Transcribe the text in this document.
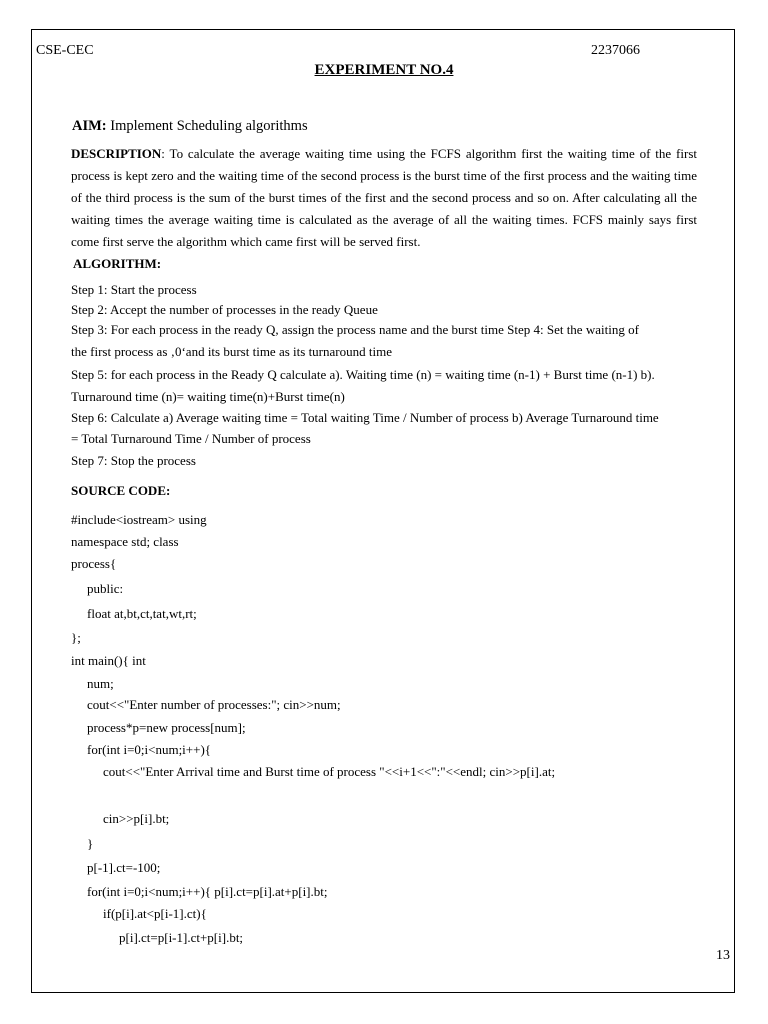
CSE-CEC	2237066
EXPERIMENT NO.4
AIM: Implement Scheduling algorithms
DESCRIPTION: To calculate the average waiting time using the FCFS algorithm first the waiting time of the first process is kept zero and the waiting time of the second process is the burst time of the first process and the waiting time of the third process is the sum of the burst times of the first and the second process and so on. After calculating all the waiting times the average waiting time is calculated as the average of all the waiting times. FCFS mainly says first come first serve the algorithm which came first will be served first.
ALGORITHM:
Step 1: Start the process
Step 2: Accept the number of processes in the ready Queue
Step 3: For each process in the ready Q, assign the process name and the burst time Step 4: Set the waiting of
the first process as ‚0‘and its burst time as its turnaround time
Step 5: for each process in the Ready Q calculate a). Waiting time (n) = waiting time (n-1) + Burst time (n-1) b).
Turnaround time (n)= waiting time(n)+Burst time(n)
Step 6: Calculate a) Average waiting time = Total waiting Time / Number of process b) Average Turnaround time
= Total Turnaround Time / Number of process
Step 7: Stop the process
SOURCE CODE:
#include<iostream> using
namespace std; class
process{
public:
float at,bt,ct,tat,wt,rt;
};
int main(){ int
num;
cout<<"Enter number of processes:"; cin>>num;
process*p=new process[num];
for(int i=0;i<num;i++){
cout<<"Enter Arrival time and Burst time of process "<<i+1<<":"<<endl; cin>>p[i].at;
cin>>p[i].bt;
}
p[-1].ct=-100;
for(int i=0;i<num;i++){ p[i].ct=p[i].at+p[i].bt;
if(p[i].at<p[i-1].ct){
p[i].ct=p[i-1].ct+p[i].bt;
13
